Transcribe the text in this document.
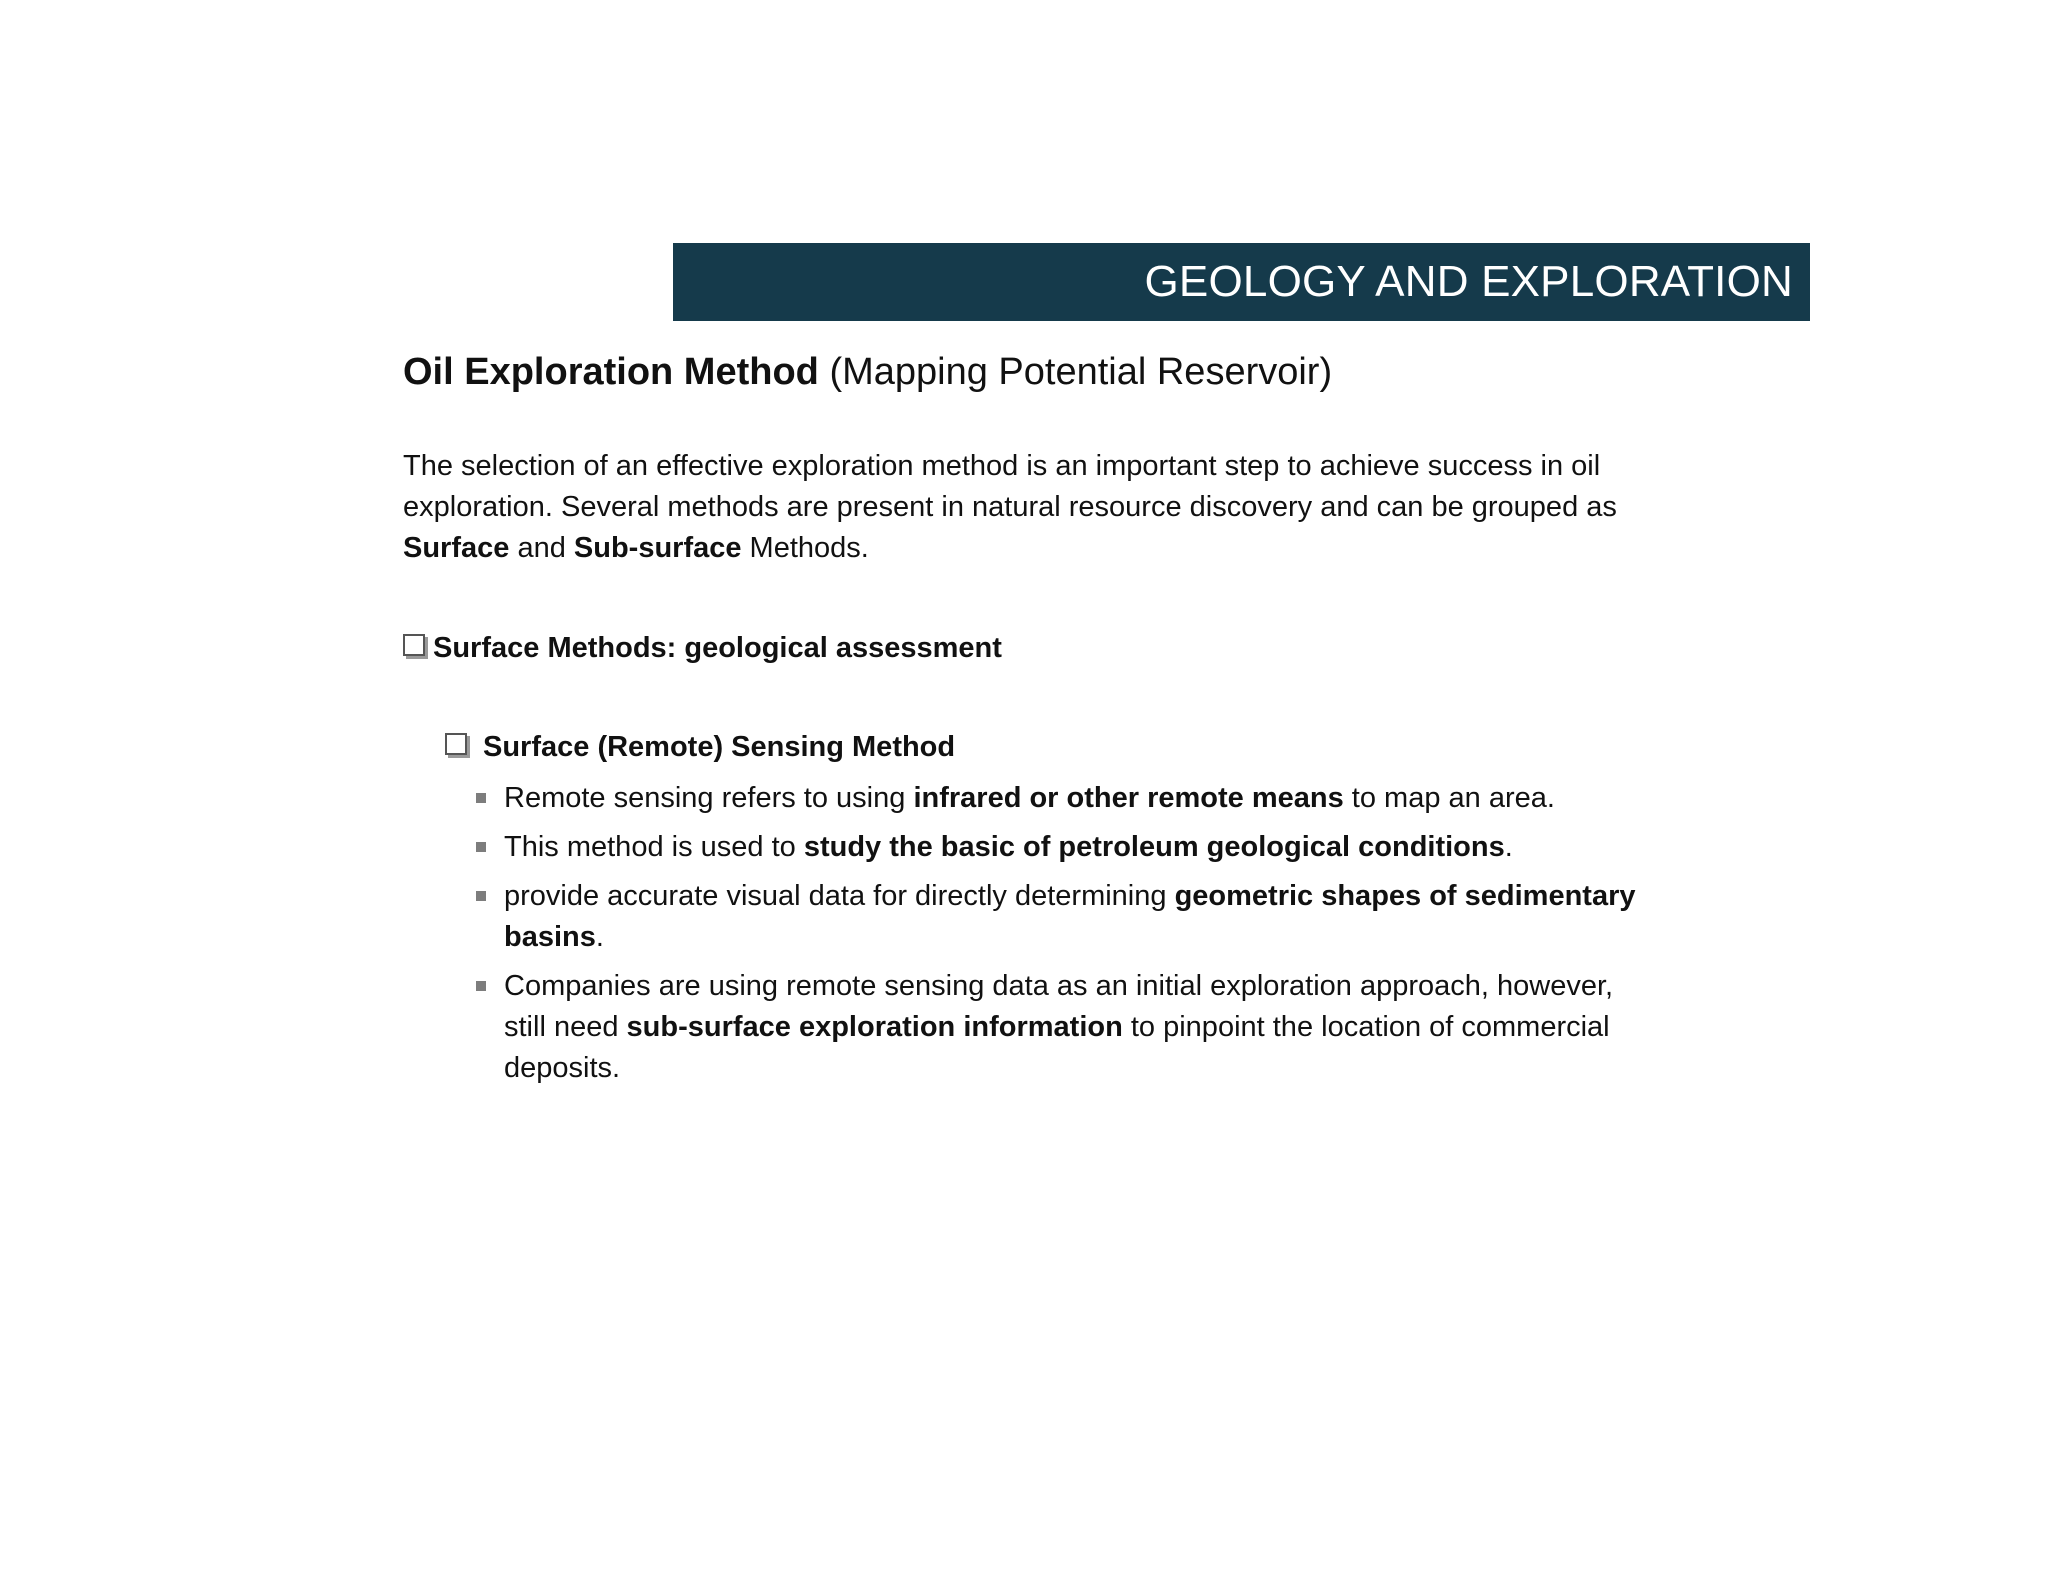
GEOLOGY AND EXPLORATION
Oil Exploration Method (Mapping Potential Reservoir)
The selection of an effective exploration method is an important step to achieve success in oil
exploration. Several methods are present in natural resource discovery and can be grouped as
Surface and Sub-surface Methods.
Surface Methods: geological assessment
Surface (Remote) Sensing Method
Remote sensing refers to using infrared or other remote means to map an area.
This method is used to study the basic of petroleum geological conditions.
provide accurate visual data for directly determining geometric shapes of sedimentary
basins.
Companies are using remote sensing data as an initial exploration approach, however,
still need sub-surface exploration information to pinpoint the location of commercial
deposits.
